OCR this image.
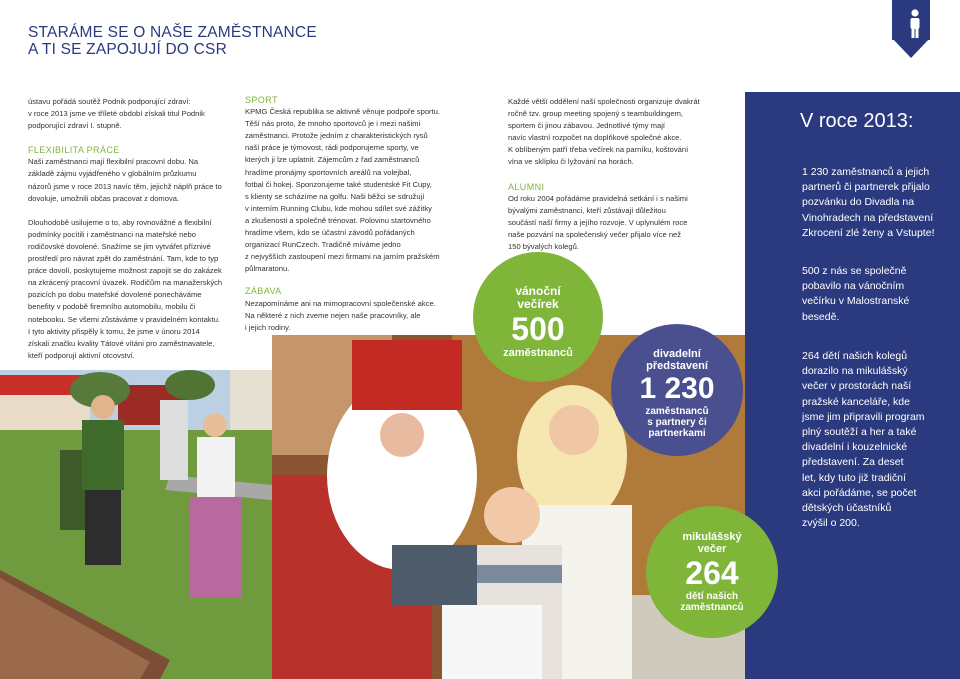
STARÁME SE O NAŠE ZAMĚSTNANCE
A TI SE ZAPOJUJÍ DO CSR
ústavu pořádá soutěž Podnik podporující zdraví:
v roce 2013 jsme ve tříleté období získali titul Podnik
podporující zdraví I. stupně.
FLEXIBILITA PRÁCE
Naši zaměstnanci mají flexibilní pracovní dobu. Na
základě zájmu vyjádřeného v globálním průzkumu
názorů jsme v roce 2013 navíc těm, jejichž náplň práce to
dovoluje, umožnili občas pracovat z domova.
Dlouhodobě usilujeme o to, aby rovnovážné a flexibilní
podmínky pocítili i zaměstnanci na mateřské nebo
rodičovské dovolené. Snažíme se jim vytvářet příznivé
prostředí pro návrat zpět do zaměstnání. Tam, kde to typ
práce dovolí, poskytujeme možnost zapojit se do zakázek
na zkrácený pracovní úvazek. Rodičům na manažerských
pozicích po dobu mateřské dovolené ponecháváme
benefity v podobě firemního automobilu, mobilu či
notebooku. Se všemi zůstáváme v pravidelném kontaktu.
I tyto aktivity přispěly k tomu, že jsme v únoru 2014
získali značku kvality Tátové vítáni pro zaměstnavatele,
kteří podporují aktivní otcovství.
SPORT
KPMG Česká republika se aktivně věnuje podpoře sportu.
Těší nás proto, že mnoho sportovců je i mezi našimi
zaměstnanci. Protože jedním z charakteristických rysů
naší práce je týmovost, rádi podporujeme sporty, ve
kterých ji lze uplatnit. Zájemcům z řad zaměstnanců
hradíme pronájmy sportovních areálů na volejbal,
fotbal či hokej. Sponzorujeme také studentské Fit Cupy,
s klienty se scházíme na golfu. Naši běžci se sdružují
v interním Running Clubu, kde mohou sdílet své zážitky
a zkušenosti a společně trénovat. Polovinu startovného
hradíme všem, kdo se účastní závodů pořádaných
organizací RunCzech. Tradičně míváme jedno
z nejvyšších zastoupení mezi firmami na jarním pražském
půlmaratonu.
ZÁBAVA
Nezapomínáme ani na mimopracovní společenské akce.
Na některé z nich zveme nejen naše pracovníky, ale
i jejich rodiny.
Každé větší oddělení naší společnosti organizuje dvakrát
ročně tzv. group meeting spojený s teambuildingem,
sportem či jinou zábavou. Jednotlivé týmy mají
navíc vlastní rozpočet na doplňkové společné akce.
K oblíbeným patří třeba večírek na parníku, koštování
vína ve sklípku či lyžování na horách.
ALUMNI
Od roku 2004 pořádáme pravidelná setkání i s našimi
bývalými zaměstnanci, kteří zůstávají důležitou
součástí naší firmy a jejího rozvoje. V uplynulém roce
naše pozvání na společenský večer přijalo více než
150 bývalých kolegů.
V roce 2013:
1 230 zaměstnanců a jejich
partnerů či partnerek přijalo
pozvánku do Divadla na
Vinohradech na představení
Zkrocení zlé ženy a Vstupte!
500 z nás se společně
pobavilo na vánočním
večírku v Malostranské
besedě.
264 dětí našich kolegů
dorazilo na mikulášský
večer v prostorách naší
pražské kanceláře, kde
jsme jim připravili program
plný soutěží a her a také
divadelní i kouzelnické
představení. Za deset
let, kdy tuto již tradiční
akci pořádáme, se počet
dětských účastníků
zvýšil o 200.
vánoční
večírek
500
zaměstnanců	divadelní
představení
1 230
zaměstnanců
s partnery či
partnerkami
mikulášský
večer
264
dětí našich
zaměstnanců
